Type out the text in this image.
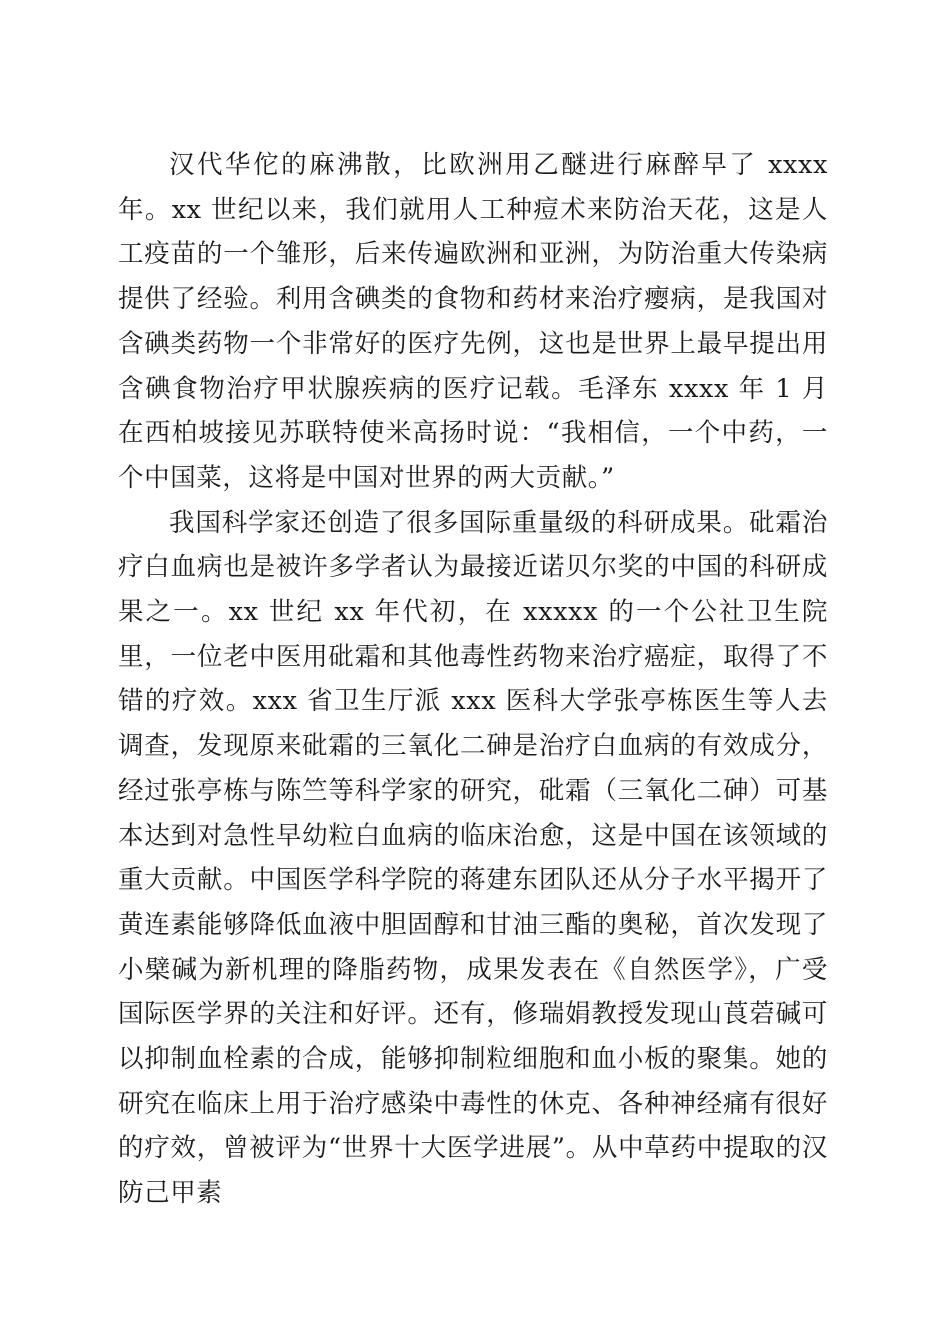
汉代华佗的麻沸散，比欧洲用乙醚进行麻醉早了 xxxx 年。xx 世纪以来，我们就用人工种痘术来防治天花，这是人工疫苗的一个雏形，后来传遍欧洲和亚洲，为防治重大传染病提供了经验。利用含碘类的食物和药材来治疗瘿病，是我国对含碘类药物一个非常好的医疗先例，这也是世界上最早提出用含碘食物治疗甲状腺疾病的医疗记载。毛泽东 xxxx 年 1 月在西柏坡接见苏联特使米高扬时说：“我相信，一个中药，一个中国菜，这将是中国对世界的两大贡献。”

我国科学家还创造了很多国际重量级的科研成果。砒霜治疗白血病也是被许多学者认为最接近诺贝尔奖的中国的科研成果之一。xx 世纪 xx 年代初，在 xxxxx 的一个公社卫生院里，一位老中医用砒霜和其他毒性药物来治疗癌症，取得了不错的疗效。xxx 省卫生厅派 xxx 医科大学张亭栋医生等人去调查，发现原来砒霜的三氧化二砷是治疗白血病的有效成分，经过张亭栋与陈竺等科学家的研究，砒霜（三氧化二砷）可基本达到对急性早幼粒白血病的临床治愈，这是中国在该领域的重大贡献。中国医学科学院的蒋建东团队还从分子水平揭开了黄连素能够降低血液中胆固醇和甘油三酯的奥秘，首次发现了小檗碱为新机理的降脂药物，成果发表在《自然医学》，广受国际医学界的关注和好评。还有，修瑞娟教授发现山莨菪碱可以抑制血栓素的合成，能够抑制粒细胞和血小板的聚集。她的研究在临床上用于治疗感染中毒性的休克、各种神经痛有很好的疗效，曾被评为“世界十大医学进展”。从中草药中提取的汉防己甲素
